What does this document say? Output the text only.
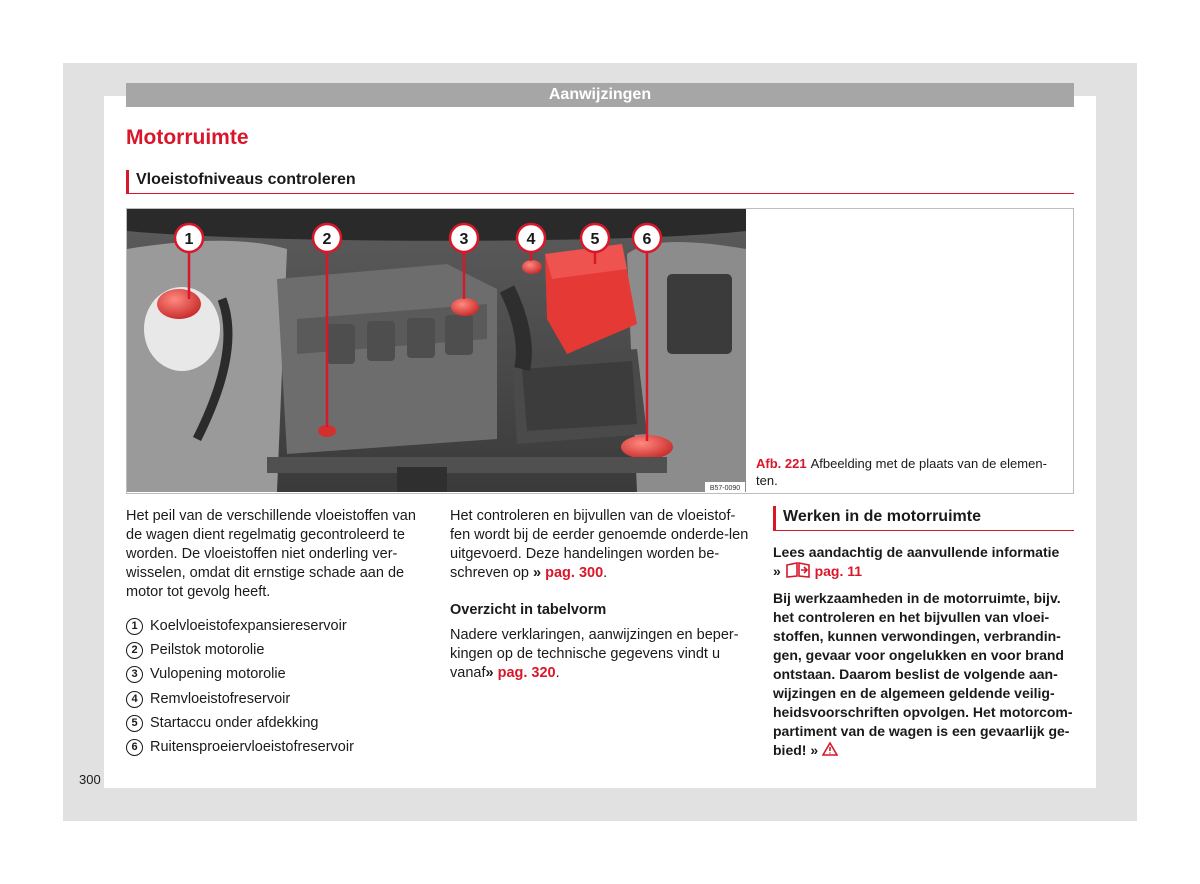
Aanwijzingen
Motorruimte
Vloeistofniveaus controleren
1	2	3	4	5	6
B57-0090
Afb. 221 Afbeelding met de plaats van de elemen-ten.

Het peil van de verschillende vloeistoffen van de wagen dient regelmatig gecontroleerd te worden. De vloeistoffen niet onderling ver-wisselen, omdat dit ernstige schade aan de motor tot gevolg heeft.

1 Koelvloeistofexpansiereservoir
2 Peilstok motorolie
3 Vulopening motorolie
4 Remvloeistofreservoir
5 Startaccu onder afdekking
6 Ruitensproeiervloeistofreservoir

Het controleren en bijvullen van de vloeistof-fen wordt bij de eerder genoemde onderde-len uitgevoerd. Deze handelingen worden be-schreven op » pag. 300.

Overzicht in tabelvorm

Nadere verklaringen, aanwijzingen en beper-kingen op de technische gegevens vindt u vanaf» pag. 320.

Werken in de motorruimte

Lees aandachtig de aanvullende informatie
» pag. 11

Bij werkzaamheden in de motorruimte, bijv. het controleren en het bijvullen van vloei-stoffen, kunnen verwondingen, verbrandin-gen, gevaar voor ongelukken en voor brand ontstaan. Daarom beslist de volgende aan-wijzingen en de algemeen geldende veilig-heidsvoorschriften opvolgen. Het motorcom-partiment van de wagen is een gevaarlijk ge-bied! »

300
